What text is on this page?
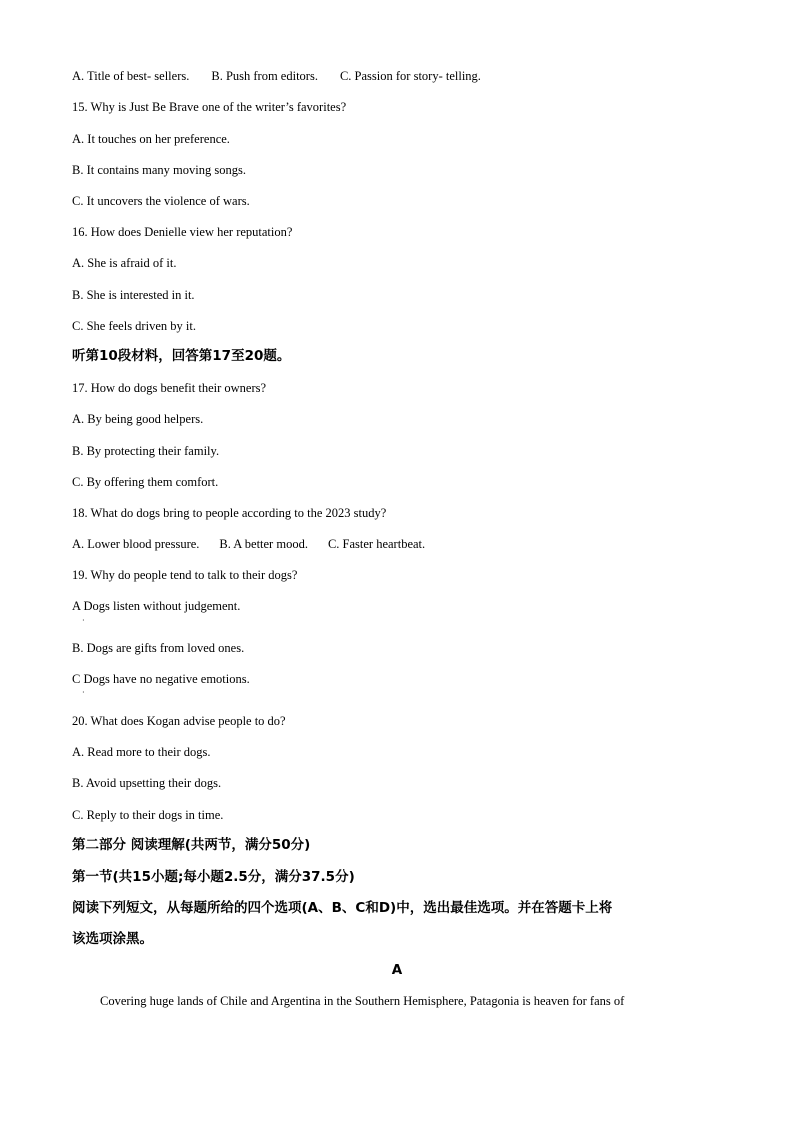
A. Title of best- sellers. B. Push from editors. C. Passion for story- telling.
15. Why is Just Be Brave one of the writer’s favorites?
A. It touches on her preference.
B. It contains many moving songs.
C. It uncovers the violence of wars.
16. How does Denielle view her reputation?
A. She is afraid of it.
B. She is interested in it.
C. She feels driven by it.
听第10段材料，回答第17至20题。
17. How do dogs benefit their owners?
A. By being good helpers.
B. By protecting their family.
C. By offering them comfort.
18. What do dogs bring to people according to the 2023 study?
A. Lower blood pressure. B. A better mood. C. Faster heartbeat.
19. Why do people tend to talk to their dogs?
A Dogs listen without judgement.
·
B. Dogs are gifts from loved ones.
C Dogs have no negative emotions.
·
20. What does Kogan advise people to do?
A. Read more to their dogs.
B. Avoid upsetting their dogs.
C. Reply to their dogs in time.
第二部分 阅读理解(共两节，满分50分)
第一节(共15小题;每小题2.5分，满分37.5分)
阅读下列短文，从每题所给的四个选项(A、B、C和D)中，选出最佳选项。并在答题卡上将
该选项涂黑。
A
Covering huge lands of Chile and Argentina in the Southern Hemisphere, Patagonia is heaven for fans of
